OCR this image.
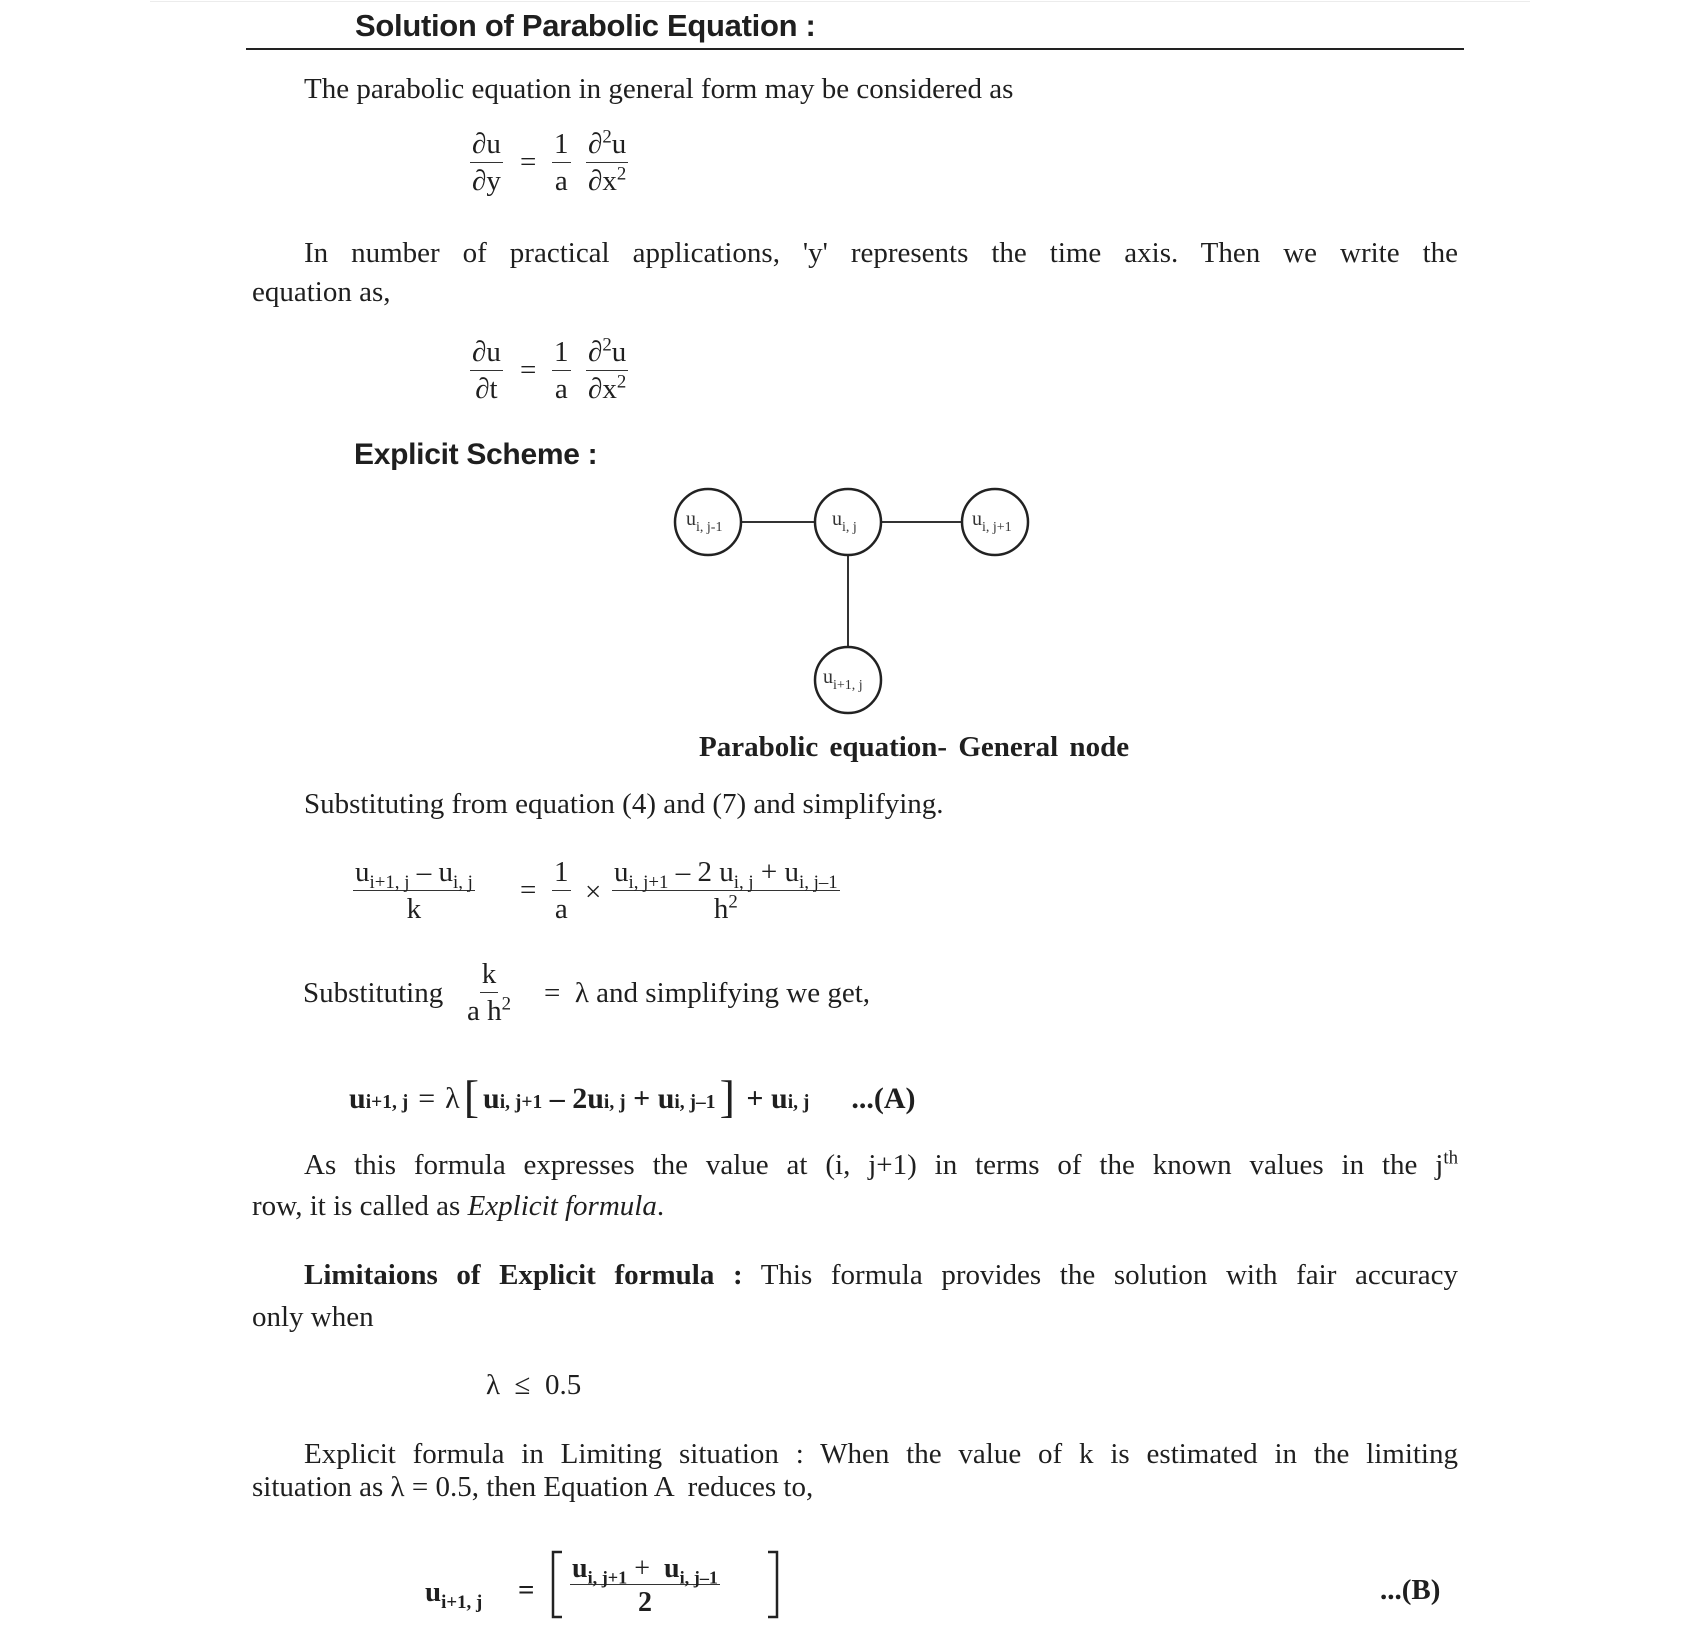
Solution of Parabolic Equation :
The parabolic equation in general form may be considered as
$\frac{\partial u}{\partial y} = \frac{1}{a} \frac{\partial^2u}{\partial x^2}$
In number of practical applications, 'y' represents the time axis. Then we write the
equation as,
$\frac{\partial u}{\partial t} = \frac{1}{a} \frac{\partial^2u}{\partial x^2}$
Explicit Scheme :
$u_{i, j-1}$	$u_{i, j}$	$u_{i, j+1}$
$u_{i+1, j}$
Parabolic equation- General node
Substituting from equation (4) and (7) and simplifying.
$\frac{u_{i+1, j} - u_{i, j}}{k} = \frac{1}{a} \times \frac{u_{i, j+1} - 2 u_{i, j} + u_{i, j-1}}{h^2}$
Substituting $\frac{k}{a h^2} = \lambda$ and simplifying we get,
u i+1, j = λ [ u i, j+1 – 2 u i, j + u i, j–1 ] + u i, j ...(A)
As this formula expresses the value at (i, j+1) in terms of the known values in the $j^{th}$
row, it is called as Explicit formula.
Limitaions of Explicit formula : This formula provides the solution with fair accuracy
only when
λ  ≤  0.5
Explicit formula in Limiting situation : When the value of k is estimated in the limiting
situation as λ = 0.5, then Equation A  reduces to,
$u_{i+1, j} = \frac{u_{i, j+1} + u_{i, j-1}}{2}$	...(B)
